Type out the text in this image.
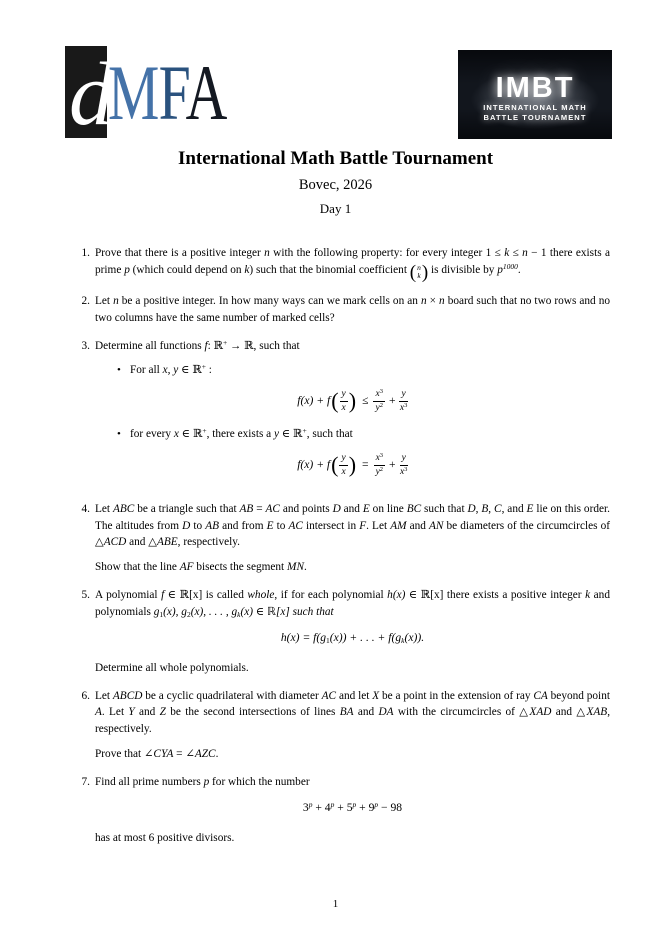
d
MFA	IMBT
INTERNATIONAL MATH
BATTLE TOURNAMENT
International Math Battle Tournament
Bovec, 2026
Day 1
1. Prove that there is a positive integer n with the following property: for every integer 1 ≤ k ≤ n − 1 there exists a prime p (which could depend on k) such that the binomial coefficient ( n
k ) is divisible by $p^{1000}$.

2. Let n be a positive integer. In how many ways can we mark cells on an n × n board such that no two rows and no two columns have the same number of marked cells?

3. Determine all functions f: ℝ+ → ℝ, such that

• For all x, y ∈ ℝ+ :
f(x) + f ( $\frac{y}{x}$ ) ≤ $\frac{x^3}{y^2} + \frac{y}{x^3}$
• for every x ∈ ℝ+, there exists a y ∈ ℝ+, such that
f(x) + f ( $\frac{y}{x}$ ) = $\frac{x^3}{y^2} + \frac{y}{x^3}$
4. Let ABC be a triangle such that AB = AC and points D and E on line BC such that D, B, C, and E lie on this order. The altitudes from D to AB and from E to AC intersect in F. Let AM and AN be diameters of the circumcircles of △ACD and △ABE, respectively.

Show that the line AF bisects the segment MN.

5. A polynomial f ∈ ℝ[x] is called whole, if for each polynomial h(x) ∈ ℝ[x] there exists a positive integer k and polynomials $g_1(x)$, $g_2(x)$, . . . , $g_k(x)$ ∈ ℝ[x] such that

$h(x) = f(g_1(x))$ + . . . + $f(g_k(x))$.

Determine all whole polynomials.

6. Let ABCD be a cyclic quadrilateral with diameter AC and let X be a point in the extension of ray CA beyond point A. Let Y and Z be the second intersections of lines BA and DA with the circumcircles of △XAD and △XAB, respectively.

Prove that ∠CYA = ∠AZC.

7. Find all prime numbers p for which the number

$3^p + 4^p + 5^p + 9^p - 98$

has at most 6 positive divisors.

1
